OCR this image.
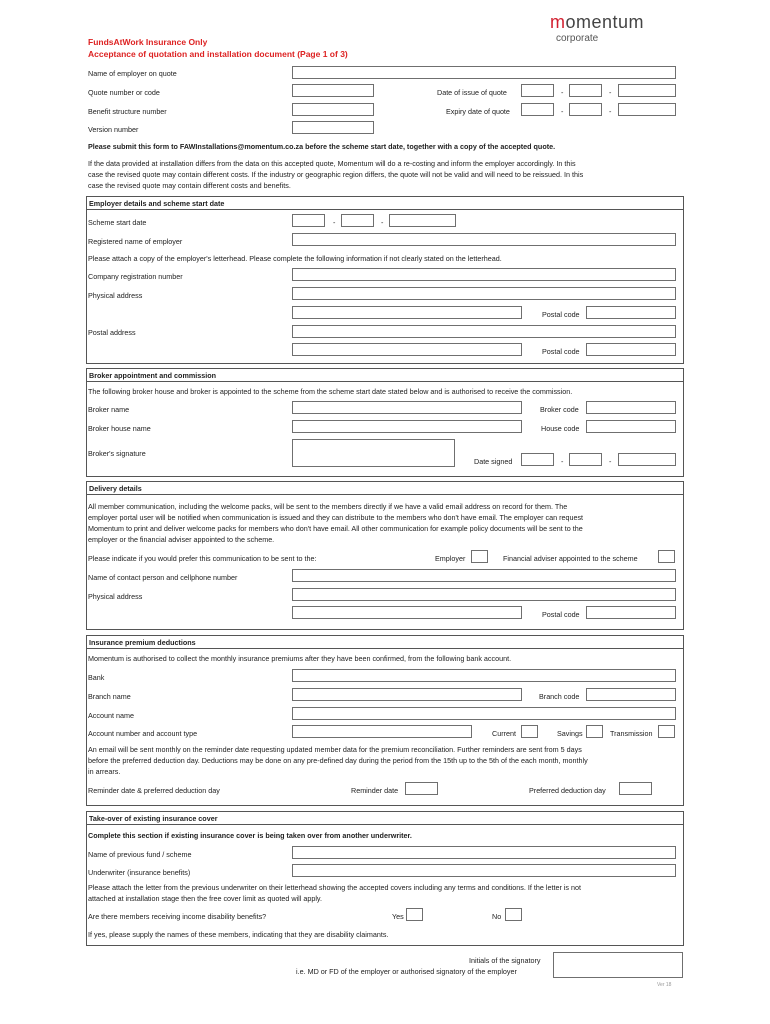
momentum
corporate
FundsAtWork Insurance Only
Acceptance of quotation and installation document (Page 1 of 3)
Name of employer on quote
Quote number or code	Date of issue of quote	-	-
Benefit structure number	Expiry date of quote	-	-
Version number
Please submit this form to FAWInstallations@momentum.co.za before the scheme start date, together with a copy of the accepted quote.
If the data provided at installation differs from the data on this accepted quote, Momentum will do a re-costing and inform the employer accordingly. In this
case the revised quote may contain different costs. If the industry or geographic region differs, the quote will not be valid and will need to be reissued. In this
case the revised quote may contain different costs and benefits.
Employer details and scheme start date
Scheme start date	-	-
Registered name of employer
Please attach a copy of the employer's letterhead. Please complete the following information if not clearly stated on the letterhead.
Company registration number
Physical address
Postal code
Postal address
Postal code
Broker appointment and commission
The following broker house and broker is appointed to the scheme from the scheme start date stated below and is authorised to receive the commission.
Broker name	Broker code
Broker house name	House code
Broker's signature
Date signed	-	-
Delivery details
All member communication, including the welcome packs, will be sent to the members directly if we have a valid email address on record for them. The
employer portal user will be notified when communication is issued and they can distribute to the members who don't have email. The employer can request
Momentum to print and deliver welcome packs for members who don't have email. All other communication for example policy documents will be sent to the
employer or the financial adviser appointed to the scheme.
Please indicate if you would prefer this communication to be sent to the:	Employer	Financial adviser appointed to the scheme
Name of contact person and cellphone number
Physical address
Postal code
Insurance premium deductions
Momentum is authorised to collect the monthly insurance premiums after they have been confirmed, from the following bank account.
Bank
Branch name	Branch code
Account name
Account number and account type	Current	Savings	Transmission
An email will be sent monthly on the reminder date requesting updated member data for the premium reconciliation. Further reminders are sent from 5 days
before the preferred deduction day. Deductions may be done on any pre-defined day during the period from the 15th up to the 5th of the each month, monthly
in arrears.
Reminder date & preferred deduction day	Reminder date	Preferred deduction day
Take-over of existing insurance cover
Complete this section if existing insurance cover is being taken over from another underwriter.
Name of previous fund / scheme
Underwriter (insurance benefits)
Please attach the letter from the previous underwriter on their letterhead showing the accepted covers including any terms and conditions. If the letter is not
attached at installation stage then the free cover limit as quoted will apply.
Are there members receiving income disability benefits?	Yes	No
If yes, please supply the names of these members, indicating that they are disability claimants.
Initials of the signatory
i.e. MD or FD of the employer or authorised signatory of the employer
Ver 18
